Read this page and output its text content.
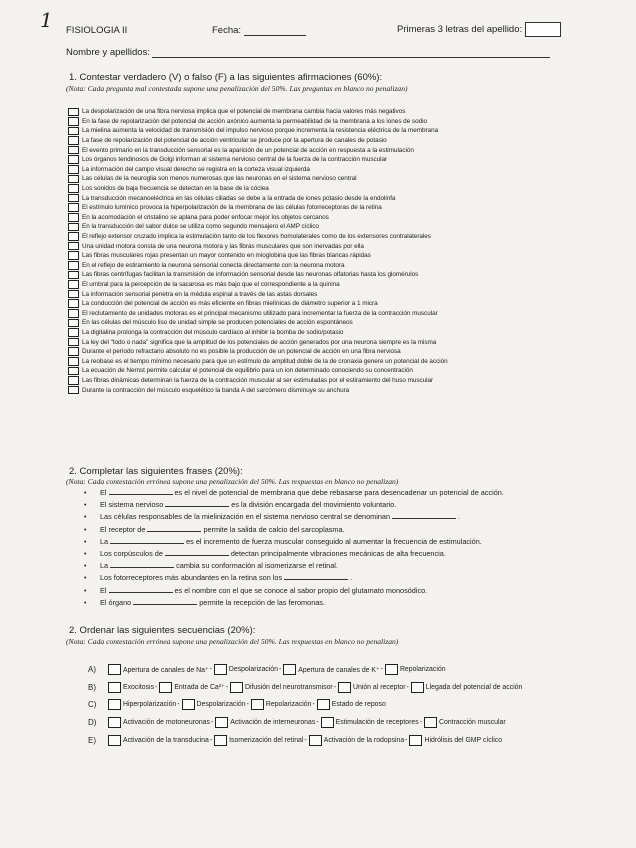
1 FISIOLOGIA II	Fecha:	Primeras 3 letras del apellido:
Nombre y apellidos:
1. Contestar verdadero (V) o falso (F) a las siguientes afirmaciones (60%):
(Nota: Cada pregunta mal contestada supone una penalización del 50%. Las preguntas en blanco no penalizan)
La despolarización de una fibra nerviosa implica que el potencial de membrana cambia hacia valores más negativos
En la fase de repolarización del potencial de acción axónico aumenta la permeabilidad de la membrana a los iones de sodio
La mielina aumenta la velocidad de transmisión del impulso nervioso porque incrementa la resistencia eléctrica de la membrana
La fase de repolarización del potencial de acción ventricular se produce por la apertura de canales de potasio
El evento primario en la transducción sensorial es la aparición de un potencial de acción en respuesta a la estimulación
Los órganos tendinosos de Golgi informan al sistema nervioso central de la fuerza de la contracción muscular
La información del campo visual derecho se registra en la corteza visual izquierda
Las células de la neuroglia son menos numerosas que las neuronas en el sistema nervioso central
Los sonidos de baja frecuencia se detectan en la base de la cóclea
La transducción mecanoeléctrica en las células ciliadas se debe a la entrada de iones potasio desde la endolinfa
El estímulo lumínico provoca la hiperpolarización de la membrana de las células fotorreceptoras de la retina
En la acomodación el cristalino se aplana para poder enfocar mejor los objetos cercanos
En la transducción del sabor dulce se utiliza como segundo mensajero el AMP cíclico
El reflejo extensor cruzado implica la estimulación tanto de los flexores homolaterales como de los extensores contralaterales
Una unidad motora consta de una neurona motora y las fibras musculares que son inervadas por ella
Las fibras musculares rojas presentan un mayor contenido en mioglobina que las fibras blancas rápidas
En el reflejo de estiramiento la neurona sensorial conecta directamente con la neurona motora
Las fibras centrífugas facilitan la transmisión de información sensorial desde las neuronas olfatorias hasta los glomérulos
El umbral para la percepción de la sacarosa es más bajo que el correspondiente a la quinina
La información sensorial penetra en la médula espinal a través de las astas dorsales
La conducción del potencial de acción es más eficiente en fibras mielínicas de diámetro superior a 1 micra
El reclutamiento de unidades motoras es el principal mecanismo utilizado para incrementar la fuerza de la contracción muscular
En las células del músculo liso de unidad simple se producen potenciales de acción espontáneos
La digitalina prolonga la contracción del músculo cardíaco al inhibir la bomba de sodio/potasio
La ley del "todo o nada" significa que la amplitud de los potenciales de acción generados por una neurona siempre es la misma
Durante el período refractario absoluto no es posible la producción de un potencial de acción en una fibra nerviosa
La reobase es el tiempo mínimo necesario para que un estímulo de amplitud doble de la de cronaxia genere un potencial de acción
La ecuación de Nernst permite calcular el potencial de equilibrio para un ion determinado conociendo su concentración
Las fibras dinámicas determinan la fuerza de la contracción muscular al ser estimuladas por el estiramiento del huso muscular
Durante la contracción del músculo esquelético la banda A del sarcómero disminuye su anchura
2. Completar las siguientes frases (20%):
(Nota: Cada contestación errónea supone una penalización del 50%. Las respuestas en blanco no penalizan)
•	El	es el nivel de potencial de membrana que debe rebasarse para desencadenar un potencial de acción.
•	El sistema nervioso	es la división encargada del movimiento voluntario.
•	Las células responsables de la mielinización en el sistema nervioso central se denominan	.
•	El receptor de	permite la salida de calcio del sarcoplasma.
•	La	es el incremento de fuerza muscular conseguido al aumentar la frecuencia de estimulación.
•	Los corpúsculos de	detectan principalmente vibraciones mecánicas de alta frecuencia.
•	La	cambia su conformación al isomerizarse el retinal.
•	Los fotorreceptores más abundantes en la retina son los	.
•	El	es el nombre con el que se conoce al sabor propio del glutamato monosódico.
•	El órgano	permite la recepción de las feromonas.
2. Ordenar las siguientes secuencias (20%):
(Nota: Cada contestación errónea supone una penalización del 50%. Las respuestas en blanco no penalizan)
A)	Apertura de canales de Na⁺ - Despolarización - Apertura de canales de K⁺ - Repolarización
B)	Exocitosis - Entrada de Ca²⁺ - Difusión del neurotransmisor - Unión al receptor - Llegada del potencial de acción
C)	Hiperpolarización - Despolarización - Repolarización - Estado de reposo
D)	Activación de motoneuronas - Activación de interneuronas - Estimulación de receptores - Contracción muscular
E)	Activación de la transducina - Isomerización del retinal - Activación de la rodopsina - Hidrólisis del GMP cíclico
